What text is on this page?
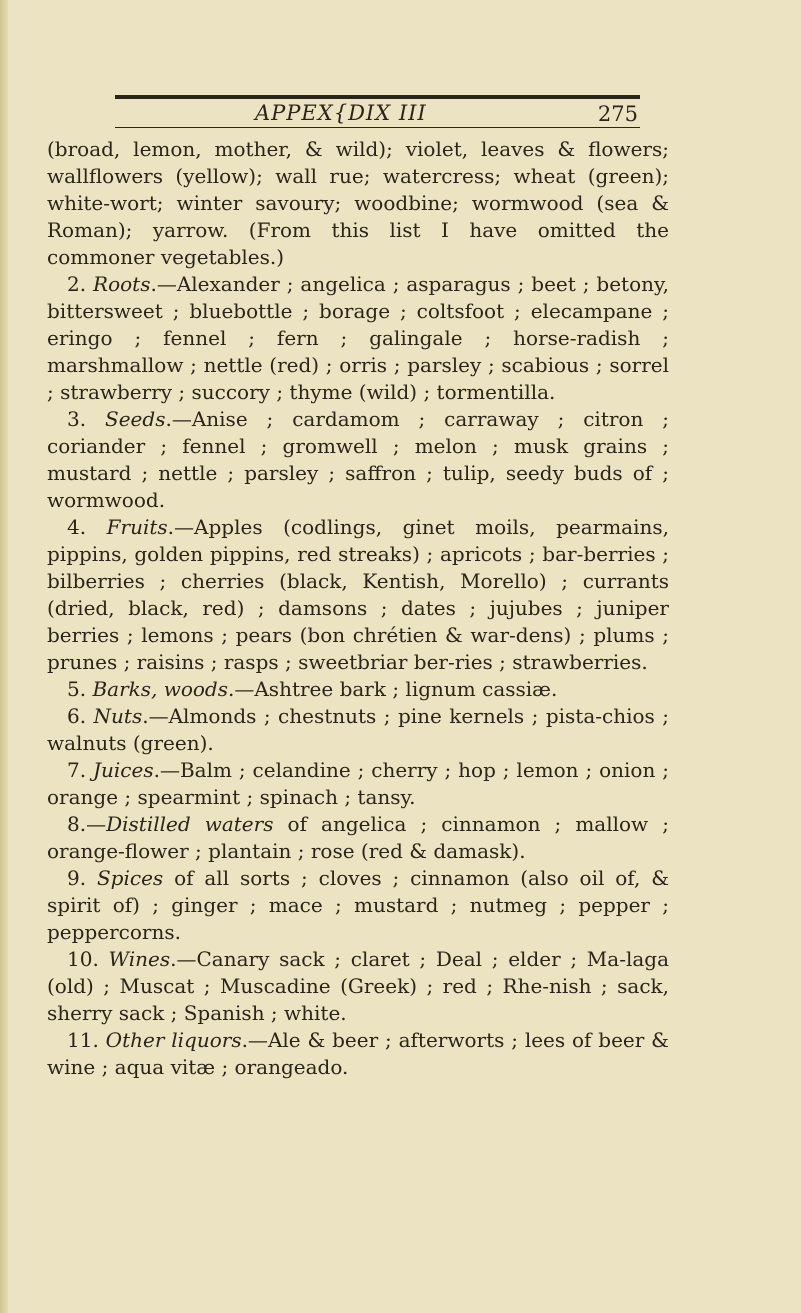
APPEX{DIX III	275

(broad, lemon, mother, & wild); violet, leaves & flowers; wallflowers (yellow); wall rue; watercress; wheat (green); white-wort; winter savoury; woodbine; wormwood (sea & Roman); yarrow. (From this list I have omitted the commoner vegetables.)

2. Roots.—Alexander ; angelica ; asparagus ; beet ; betony, bittersweet ; bluebottle ; borage ; coltsfoot ; elecampane ; eringo ; fennel ; fern ; galingale ; horse-radish ; marshmallow ; nettle (red) ; orris ; parsley ; scabious ; sorrel ; strawberry ; succory ; thyme (wild) ; tormentilla.

3. Seeds.—Anise ; cardamom ; carraway ; citron ; coriander ; fennel ; gromwell ; melon ; musk grains ; mustard ; nettle ; parsley ; saffron ; tulip, seedy buds of ; wormwood.

4. Fruits.—Apples (codlings, ginet moils, pearmains, pippins, golden pippins, red streaks) ; apricots ; bar-berries ; bilberries ; cherries (black, Kentish, Morello) ; currants (dried, black, red) ; damsons ; dates ; jujubes ; juniper berries ; lemons ; pears (bon chrétien & war-dens) ; plums ; prunes ; raisins ; rasps ; sweetbriar ber-ries ; strawberries.

5. Barks, woods.—Ashtree bark ; lignum cassiæ.

6. Nuts.—Almonds ; chestnuts ; pine kernels ; pista-chios ; walnuts (green).

7. Juices.—Balm ; celandine ; cherry ; hop ; lemon ; onion ; orange ; spearmint ; spinach ; tansy.

8.—Distilled waters of angelica ; cinnamon ; mallow ; orange-flower ; plantain ; rose (red & damask).

9. Spices of all sorts ; cloves ; cinnamon (also oil of, & spirit of) ; ginger ; mace ; mustard ; nutmeg ; pepper ; peppercorns.

10. Wines.—Canary sack ; claret ; Deal ; elder ; Ma-laga (old) ; Muscat ; Muscadine (Greek) ; red ; Rhe-nish ; sack, sherry sack ; Spanish ; white.

11. Other liquors.—Ale & beer ; afterworts ; lees of beer & wine ; aqua vitæ ; orangeado.
